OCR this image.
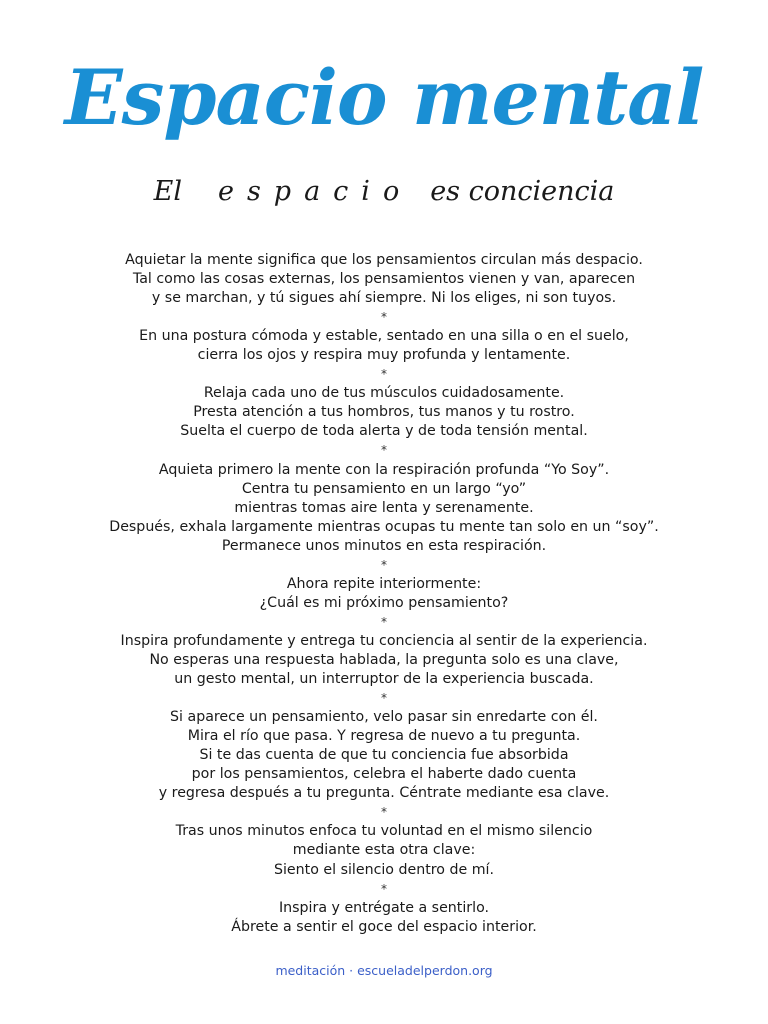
Espacio mental
El espacio es conciencia
Aquietar la mente significa que los pensamientos circulan más despacio.
Tal como las cosas externas, los pensamientos vienen y van, aparecen
y se marchan, y tú sigues ahí siempre. Ni los eliges, ni son tuyos.
*
En una postura cómoda y estable, sentado en una silla o en el suelo,
cierra los ojos y respira muy profunda y lentamente.
*
Relaja cada uno de tus músculos cuidadosamente.
Presta atención a tus hombros, tus manos y tu rostro.
Suelta el cuerpo de toda alerta y de toda tensión mental.
*
Aquieta primero la mente con la respiración profunda “Yo Soy”.
Centra tu pensamiento en un largo “yo”
mientras tomas aire lenta y serenamente.
Después, exhala largamente mientras ocupas tu mente tan solo en un “soy”.
Permanece unos minutos en esta respiración.
*
Ahora repite interiormente:
¿Cuál es mi próximo pensamiento?
*
Inspira profundamente y entrega tu conciencia al sentir de la experiencia.
No esperas una respuesta hablada, la pregunta solo es una clave,
un gesto mental, un interruptor de la experiencia buscada.
*
Si aparece un pensamiento, velo pasar sin enredarte con él.
Mira el río que pasa. Y regresa de nuevo a tu pregunta.
Si te das cuenta de que tu conciencia fue absorbida
por los pensamientos, celebra el haberte dado cuenta
y regresa después a tu pregunta. Céntrate mediante esa clave.
*
Tras unos minutos enfoca tu voluntad en el mismo silencio
mediante esta otra clave:
Siento el silencio dentro de mí.
*
Inspira y entrégate a sentirlo.
Ábrete a sentir el goce del espacio interior.
meditación · escueladelperdon.org
